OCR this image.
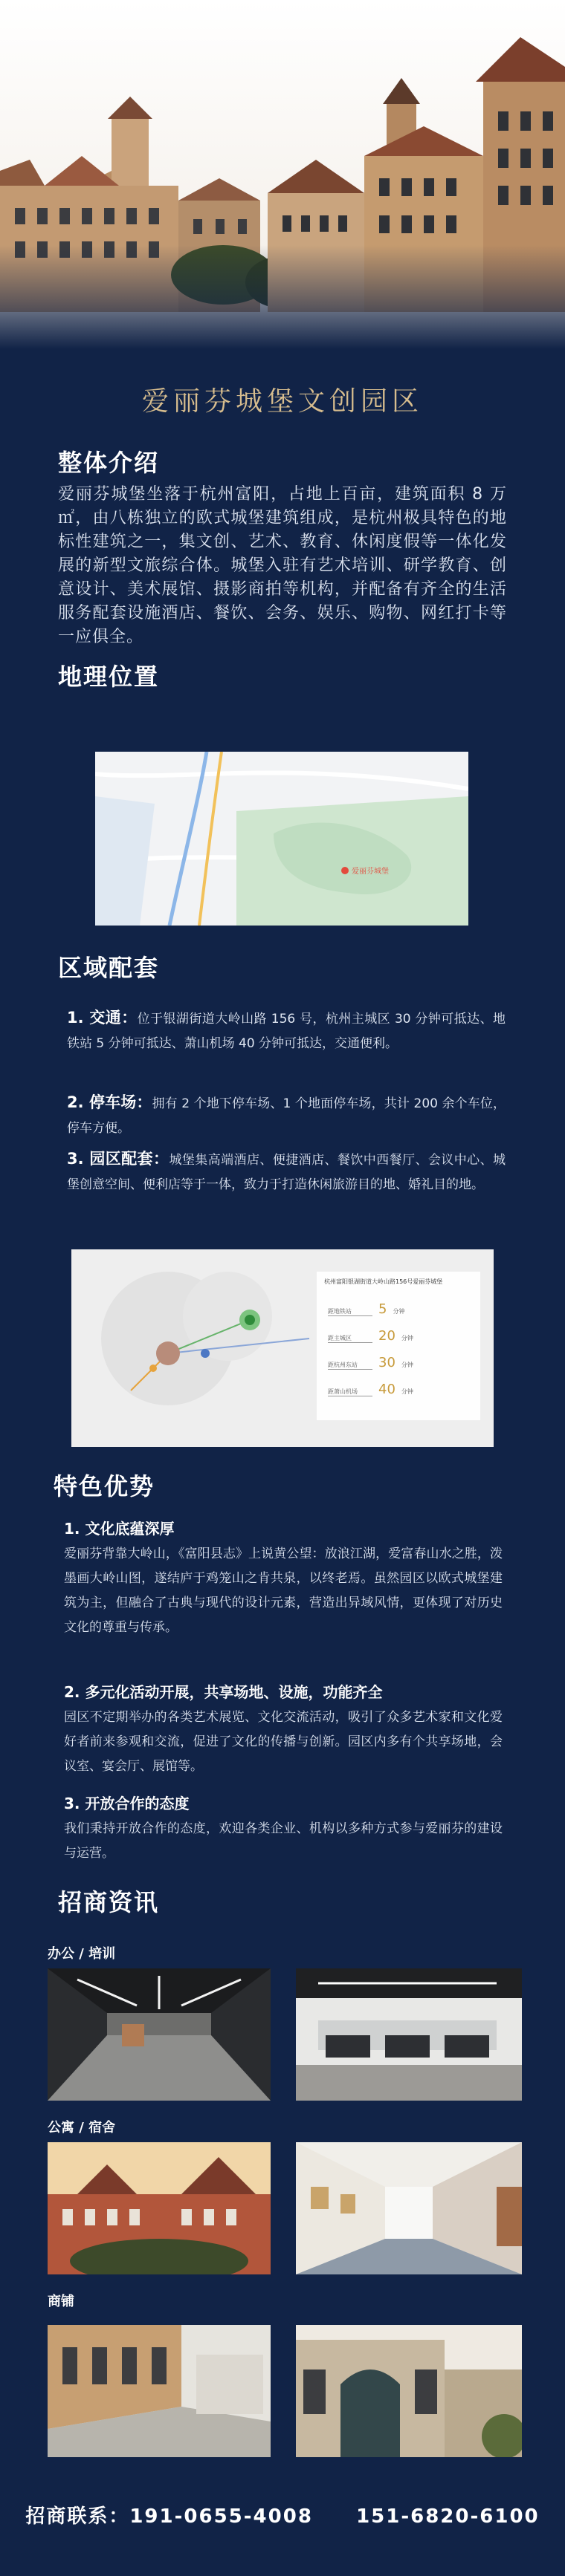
爱丽芬城堡文创园区
整体介绍
爱丽芬城堡坐落于杭州富阳，占地上百亩，建筑面积 8 万㎡，由八栋独立的欧式城堡建筑组成，是杭州极具特色的地标性建筑之一，集文创、艺术、教育、休闲度假等一体化发展的新型文旅综合体。城堡入驻有艺术培训、研学教育、创意设计、美术展馆、摄影商拍等机构，并配备有齐全的生活服务配套设施酒店、餐饮、会务、娱乐、购物、网红打卡等一应俱全。
地理位置
爱丽芬城堡
区域配套
1. 交通：位于银湖街道大岭山路 156 号，杭州主城区 30 分钟可抵达、地铁站 5 分钟可抵达、萧山机场 40 分钟可抵达，交通便利。
2. 停车场：拥有 2 个地下停车场、1 个地面停车场，共计 200 余个车位，停车方便。
3. 园区配套：城堡集高端酒店、便捷酒店、餐饮中西餐厅、会议中心、城堡创意空间、便利店等于一体，致力于打造休闲旅游目的地、婚礼目的地。
杭州富阳银湖街道大岭山路156号爱丽芬城堡
距地铁站	5 分钟
距主城区	20 分钟
距杭州东站	30 分钟
距萧山机场	40 分钟
特色优势
1. 文化底蕴深厚
爱丽芬背靠大岭山，《富阳县志》上说黄公望：放浪江湖，爱富春山水之胜，泼墨画大岭山图，遂结庐于鸡笼山之肯共泉，以终老焉。虽然园区以欧式城堡建筑为主，但融合了古典与现代的设计元素，营造出异域风情，更体现了对历史文化的尊重与传承。
2. 多元化活动开展，共享场地、设施，功能齐全
园区不定期举办的各类艺术展览、文化交流活动，吸引了众多艺术家和文化爱好者前来参观和交流，促进了文化的传播与创新。园区内多有个共享场地，会议室、宴会厅、展馆等。
3. 开放合作的态度
我们秉持开放合作的态度，欢迎各类企业、机构以多种方式参与爱丽芬的建设与运营。
招商资讯
办公 / 培训
公寓 / 宿舍
商铺
招商联系：191-0655-4008 151-6820-6100
